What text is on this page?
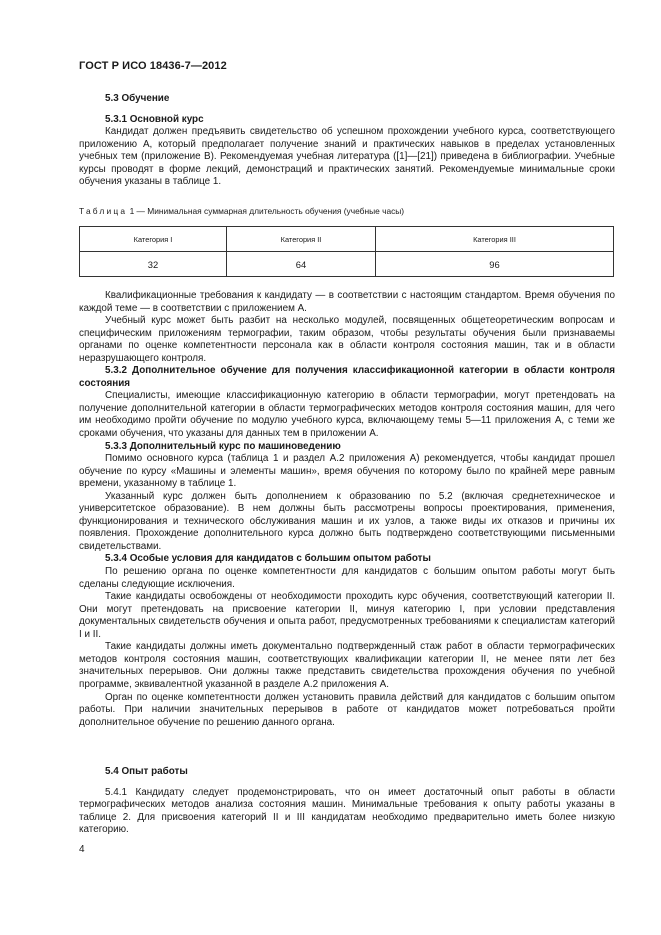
ГОСТ Р ИСО 18436-7—2012
5.3 Обучение
5.3.1 Основной курс

Кандидат должен предъявить свидетельство об успешном прохождении учебного курса, соответствующего приложению А, который предполагает получение знаний и практических навыков в пределах установленных учебных тем (приложение В). Рекомендуемая учебная литература ([1]—[21]) приведена в библиографии. Учебные курсы проводят в форме лекций, демонстраций и практических занятий. Рекомендуемые минимальные сроки обучения указаны в таблице 1.

Таблица 1 — Минимальная суммарная длительность обучения (учебные часы)
Категория I	Категория II	Категория III
32	64	96

Квалификационные требования к кандидату — в соответствии с настоящим стандартом. Время обучения по каждой теме — в соответствии с приложением А.

Учебный курс может быть разбит на несколько модулей, посвященных общетеоретическим вопросам и специфическим приложениям термографии, таким образом, чтобы результаты обучения были признаваемы органами по оценке компетентности персонала как в области контроля состояния машин, так и в области неразрушающего контроля.

5.3.2 Дополнительное обучение для получения классификационной категории в области контроля состояния

Специалисты, имеющие классификационную категорию в области термографии, могут претендовать на получение дополнительной категории в области термографических методов контроля состояния машин, для чего им необходимо пройти обучение по модулю учебного курса, включающему темы 5—11 приложения А, с теми же сроками обучения, что указаны для данных тем в приложении А.

5.3.3 Дополнительный курс по машиноведению

Помимо основного курса (таблица 1 и раздел А.2 приложения А) рекомендуется, чтобы кандидат прошел обучение по курсу «Машины и элементы машин», время обучения по которому было по крайней мере равным времени, указанному в таблице 1.

Указанный курс должен быть дополнением к образованию по 5.2 (включая среднетехническое и университетское образование). В нем должны быть рассмотрены вопросы проектирования, применения, функционирования и технического обслуживания машин и их узлов, а также виды их отказов и причины их появления. Прохождение дополнительного курса должно быть подтверждено соответствующими письменными свидетельствами.

5.3.4 Особые условия для кандидатов с большим опытом работы

По решению органа по оценке компетентности для кандидатов с большим опытом работы могут быть сделаны следующие исключения.

Такие кандидаты освобождены от необходимости проходить курс обучения, соответствующий категории II. Они могут претендовать на присвоение категории II, минуя категорию I, при условии представления документальных свидетельств обучения и опыта работ, предусмотренных требованиями к специалистам категорий I и II.

Такие кандидаты должны иметь документально подтвержденный стаж работ в области термографических методов контроля состояния машин, соответствующих квалификации категории II, не менее пяти лет без значительных перерывов. Они должны также представить свидетельства прохождения обучения по учебной программе, эквивалентной указанной в разделе А.2 приложения А.

Орган по оценке компетентности должен установить правила действий для кандидатов с большим опытом работы. При наличии значительных перерывов в работе от кандидатов может потребоваться пройти дополнительное обучение по решению данного органа.

5.4 Опыт работы

5.4.1 Кандидату следует продемонстрировать, что он имеет достаточный опыт работы в области термографических методов анализа состояния машин. Минимальные требования к опыту работы указаны в таблице 2. Для присвоения категорий II и III кандидатам необходимо предварительно иметь более низкую категорию.

4
